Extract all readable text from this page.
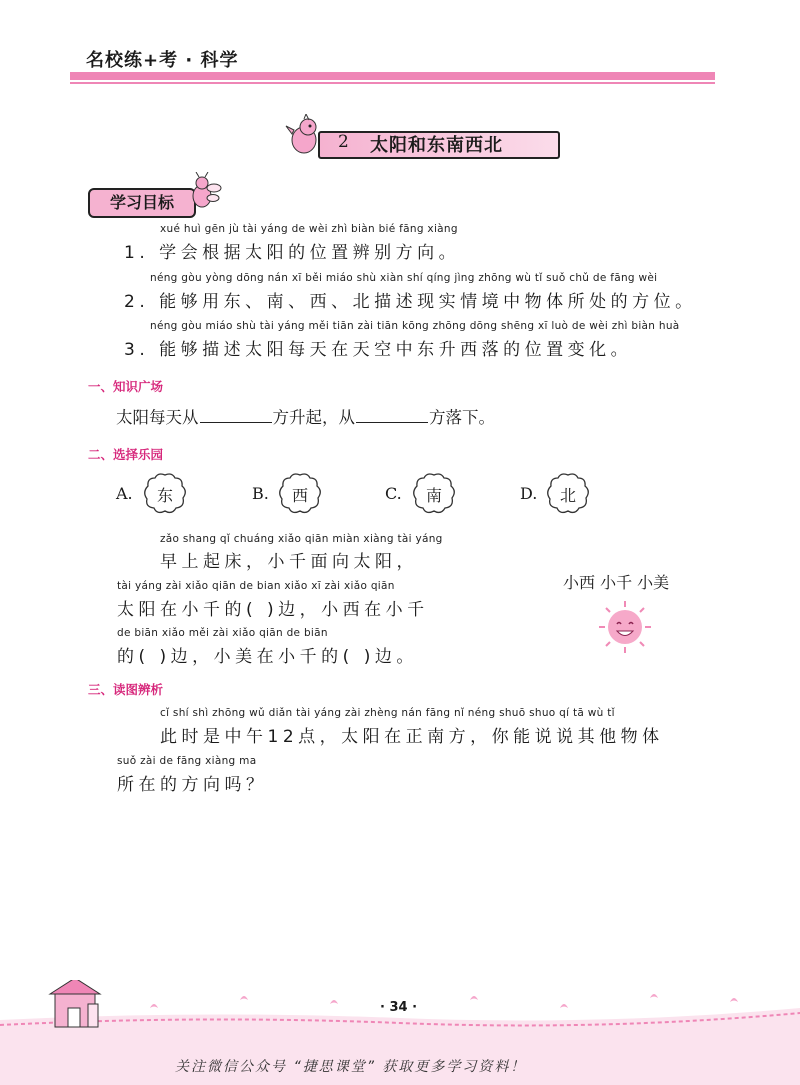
名校练+考 · 科学
2 太阳和东南西北
学习目标
xué huì gēn jù tài yáng de wèi zhì biàn bié fāng xiàng
1. 学会根据太阳的位置辨别方向。
néng gòu yòng dōng nán xī běi miáo shù xiàn shí qíng jìng zhōng wù tǐ suǒ chǔ de fāng wèi
2. 能够用东、南、西、北描述现实情境中物体所处的方位。
néng gòu miáo shù tài yáng měi tiān zài tiān kōng zhōng dōng shēng xī luò de wèi zhì biàn huà
3. 能够描述太阳每天在天空中东升西落的位置变化。
一、知识广场
太阳每天从	方升起，从	方落下。
二、选择乐园
A.	东	B.	西	C.	南	D.	北
zǎo shang qǐ chuáng xiǎo qiān miàn xiàng tài yáng
早上起床，小千面向太阳，
tài yáng zài xiǎo qiān de bian xiǎo xī zài xiǎo qiān
太阳在小千的( )边，小西在小千
de biān xiǎo měi zài xiǎo qiān de biān
的( )边，小美在小千的( )边。
小西 小千 小美
三、读图辨析
cǐ shí shì zhōng wǔ diǎn tài yáng zài zhèng nán fāng nǐ néng shuō shuo qí tā wù tǐ
此时是中午12点，太阳在正南方，你能说说其他物体
suǒ zài de fāng xiàng ma
所在的方向吗？
· 34 ·
关注微信公众号 “捷思课堂” 获取更多学习资料！
